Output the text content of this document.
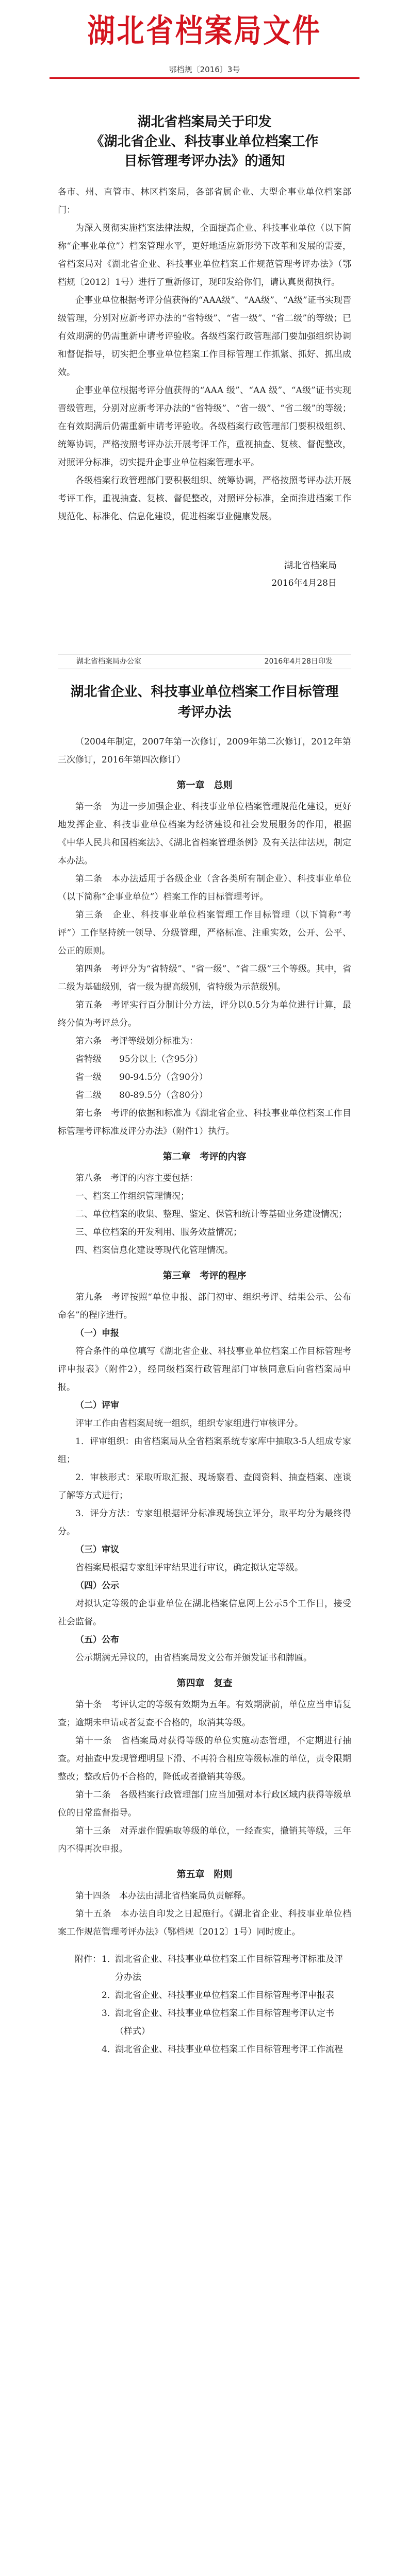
湖北省档案局文件
鄂档规〔2016〕3号
湖北省档案局关于印发
《湖北省企业、科技事业单位档案工作
目标管理考评办法》的通知
各市、州、直管市、林区档案局，各部省属企业、大型企事业单位档案部门：
为深入贯彻实施档案法律法规，全面提高企业、科技事业单位（以下简称“企事业单位”）档案管理水平，更好地适应新形势下改革和发展的需要，省档案局对《湖北省企业、科技事业单位档案工作规范管理考评办法》（鄂档规〔2012〕1号）进行了重新修订，现印发给你们，请认真贯彻执行。
企事业单位根据考评分值获得的“AAA级”、“AA级”、“A级”证书实现晋级管理，分别对应新考评办法的“省特级”、“省一级”、“省二级”的等级；已有效期满的仍需重新申请考评验收。各级档案行政管理部门要加强组织协调和督促指导，切实把企事业单位档案工作目标管理工作抓紧、抓好、抓出成效。
企事业单位根据考评分值获得的“AAA 级”、“AA 级”、“A级”证书实现晋级管理，分别对应新考评办法的“省特级”、“省一级”、“省二级”的等级；在有效期满后仍需重新申请考评验收。各级档案行政管理部门要积极组织、统筹协调，严格按照考评办法开展考评工作，重视抽查、复核、督促整改，对照评分标准，切实提升企事业单位档案管理水平。
各级档案行政管理部门要积极组织、统筹协调，严格按照考评办法开展考评工作，重视抽查、复核、督促整改，对照评分标准，全面推进档案工作规范化、标准化、信息化建设，促进档案事业健康发展。
湖北省档案局
2016年4月28日
湖北省档案局办公室	2016年4月28日印发
湖北省企业、科技事业单位档案工作目标管理
考评办法
（2004年制定，2007年第一次修订，2009年第二次修订，2012年第三次修订，2016年第四次修订）
第一章　总则
第一条　为进一步加强企业、科技事业单位档案管理规范化建设，更好地发挥企业、科技事业单位档案为经济建设和社会发展服务的作用，根据《中华人民共和国档案法》、《湖北省档案管理条例》及有关法律法规，制定本办法。
第二条　本办法适用于各级企业（含各类所有制企业）、科技事业单位（以下简称“企事业单位”）档案工作的目标管理考评。
第三条　企业、科技事业单位档案管理工作目标管理（以下简称“考评”）工作坚持统一领导、分级管理，严格标准、注重实效，公开、公平、公正的原则。
第四条　考评分为“省特级”、“省一级”、“省二级”三个等级。其中，省二级为基础级别，省一级为提高级别，省特级为示范级别。
第五条　考评实行百分制计分方法，评分以0.5分为单位进行计算，最终分值为考评总分。
第六条　考评等级划分标准为：
省特级　　95分以上（含95分）
省一级　　90-94.5分（含90分）
省二级　　80-89.5分（含80分）
第七条　考评的依据和标准为《湖北省企业、科技事业单位档案工作目标管理考评标准及评分办法》（附件1）执行。
第二章　考评的内容
第八条　考评的内容主要包括：
一、档案工作组织管理情况；
二、单位档案的收集、整理、鉴定、保管和统计等基础业务建设情况；
三、单位档案的开发利用、服务效益情况；
四、档案信息化建设等现代化管理情况。
第三章　考评的程序
第九条　考评按照“单位申报、部门初审、组织考评、结果公示、公布命名”的程序进行。
（一）申报
符合条件的单位填写《湖北省企业、科技事业单位档案工作目标管理考评申报表》（附件2），经同级档案行政管理部门审核同意后向省档案局申报。
（二）评审
评审工作由省档案局统一组织，组织专家组进行审核评分。
1．评审组织：由省档案局从全省档案系统专家库中抽取3-5人组成专家组；
2．审核形式：采取听取汇报、现场察看、查阅资料、抽查档案、座谈了解等方式进行；
3．评分方法：专家组根据评分标准现场独立评分，取平均分为最终得分。
（三）审议
省档案局根据专家组评审结果进行审议，确定拟认定等级。
（四）公示
对拟认定等级的企事业单位在湖北档案信息网上公示5个工作日，接受社会监督。
（五）公布
公示期满无异议的，由省档案局发文公布并颁发证书和牌匾。
第四章　复查
第十条　考评认定的等级有效期为五年。有效期满前，单位应当申请复查；逾期未申请或者复查不合格的，取消其等级。
第十一条　省档案局对获得等级的单位实施动态管理，不定期进行抽查。对抽查中发现管理明显下滑、不再符合相应等级标准的单位，责令限期整改；整改后仍不合格的，降低或者撤销其等级。
第十二条　各级档案行政管理部门应当加强对本行政区域内获得等级单位的日常监督指导。
第十三条　对弄虚作假骗取等级的单位，一经查实，撤销其等级，三年内不得再次申报。
第五章　附则
第十四条　本办法由湖北省档案局负责解释。
第十五条　本办法自印发之日起施行。《湖北省企业、科技事业单位档案工作规范管理考评办法》（鄂档规〔2012〕1号）同时废止。
附件： 1．
湖北省企业、科技事业单位档案工作目标管理考评标准及评分办法
2．
湖北省企业、科技事业单位档案工作目标管理考评申报表
3．
湖北省企业、科技事业单位档案工作目标管理考评认定书（样式）
4．
湖北省企业、科技事业单位档案工作目标管理考评工作流程
